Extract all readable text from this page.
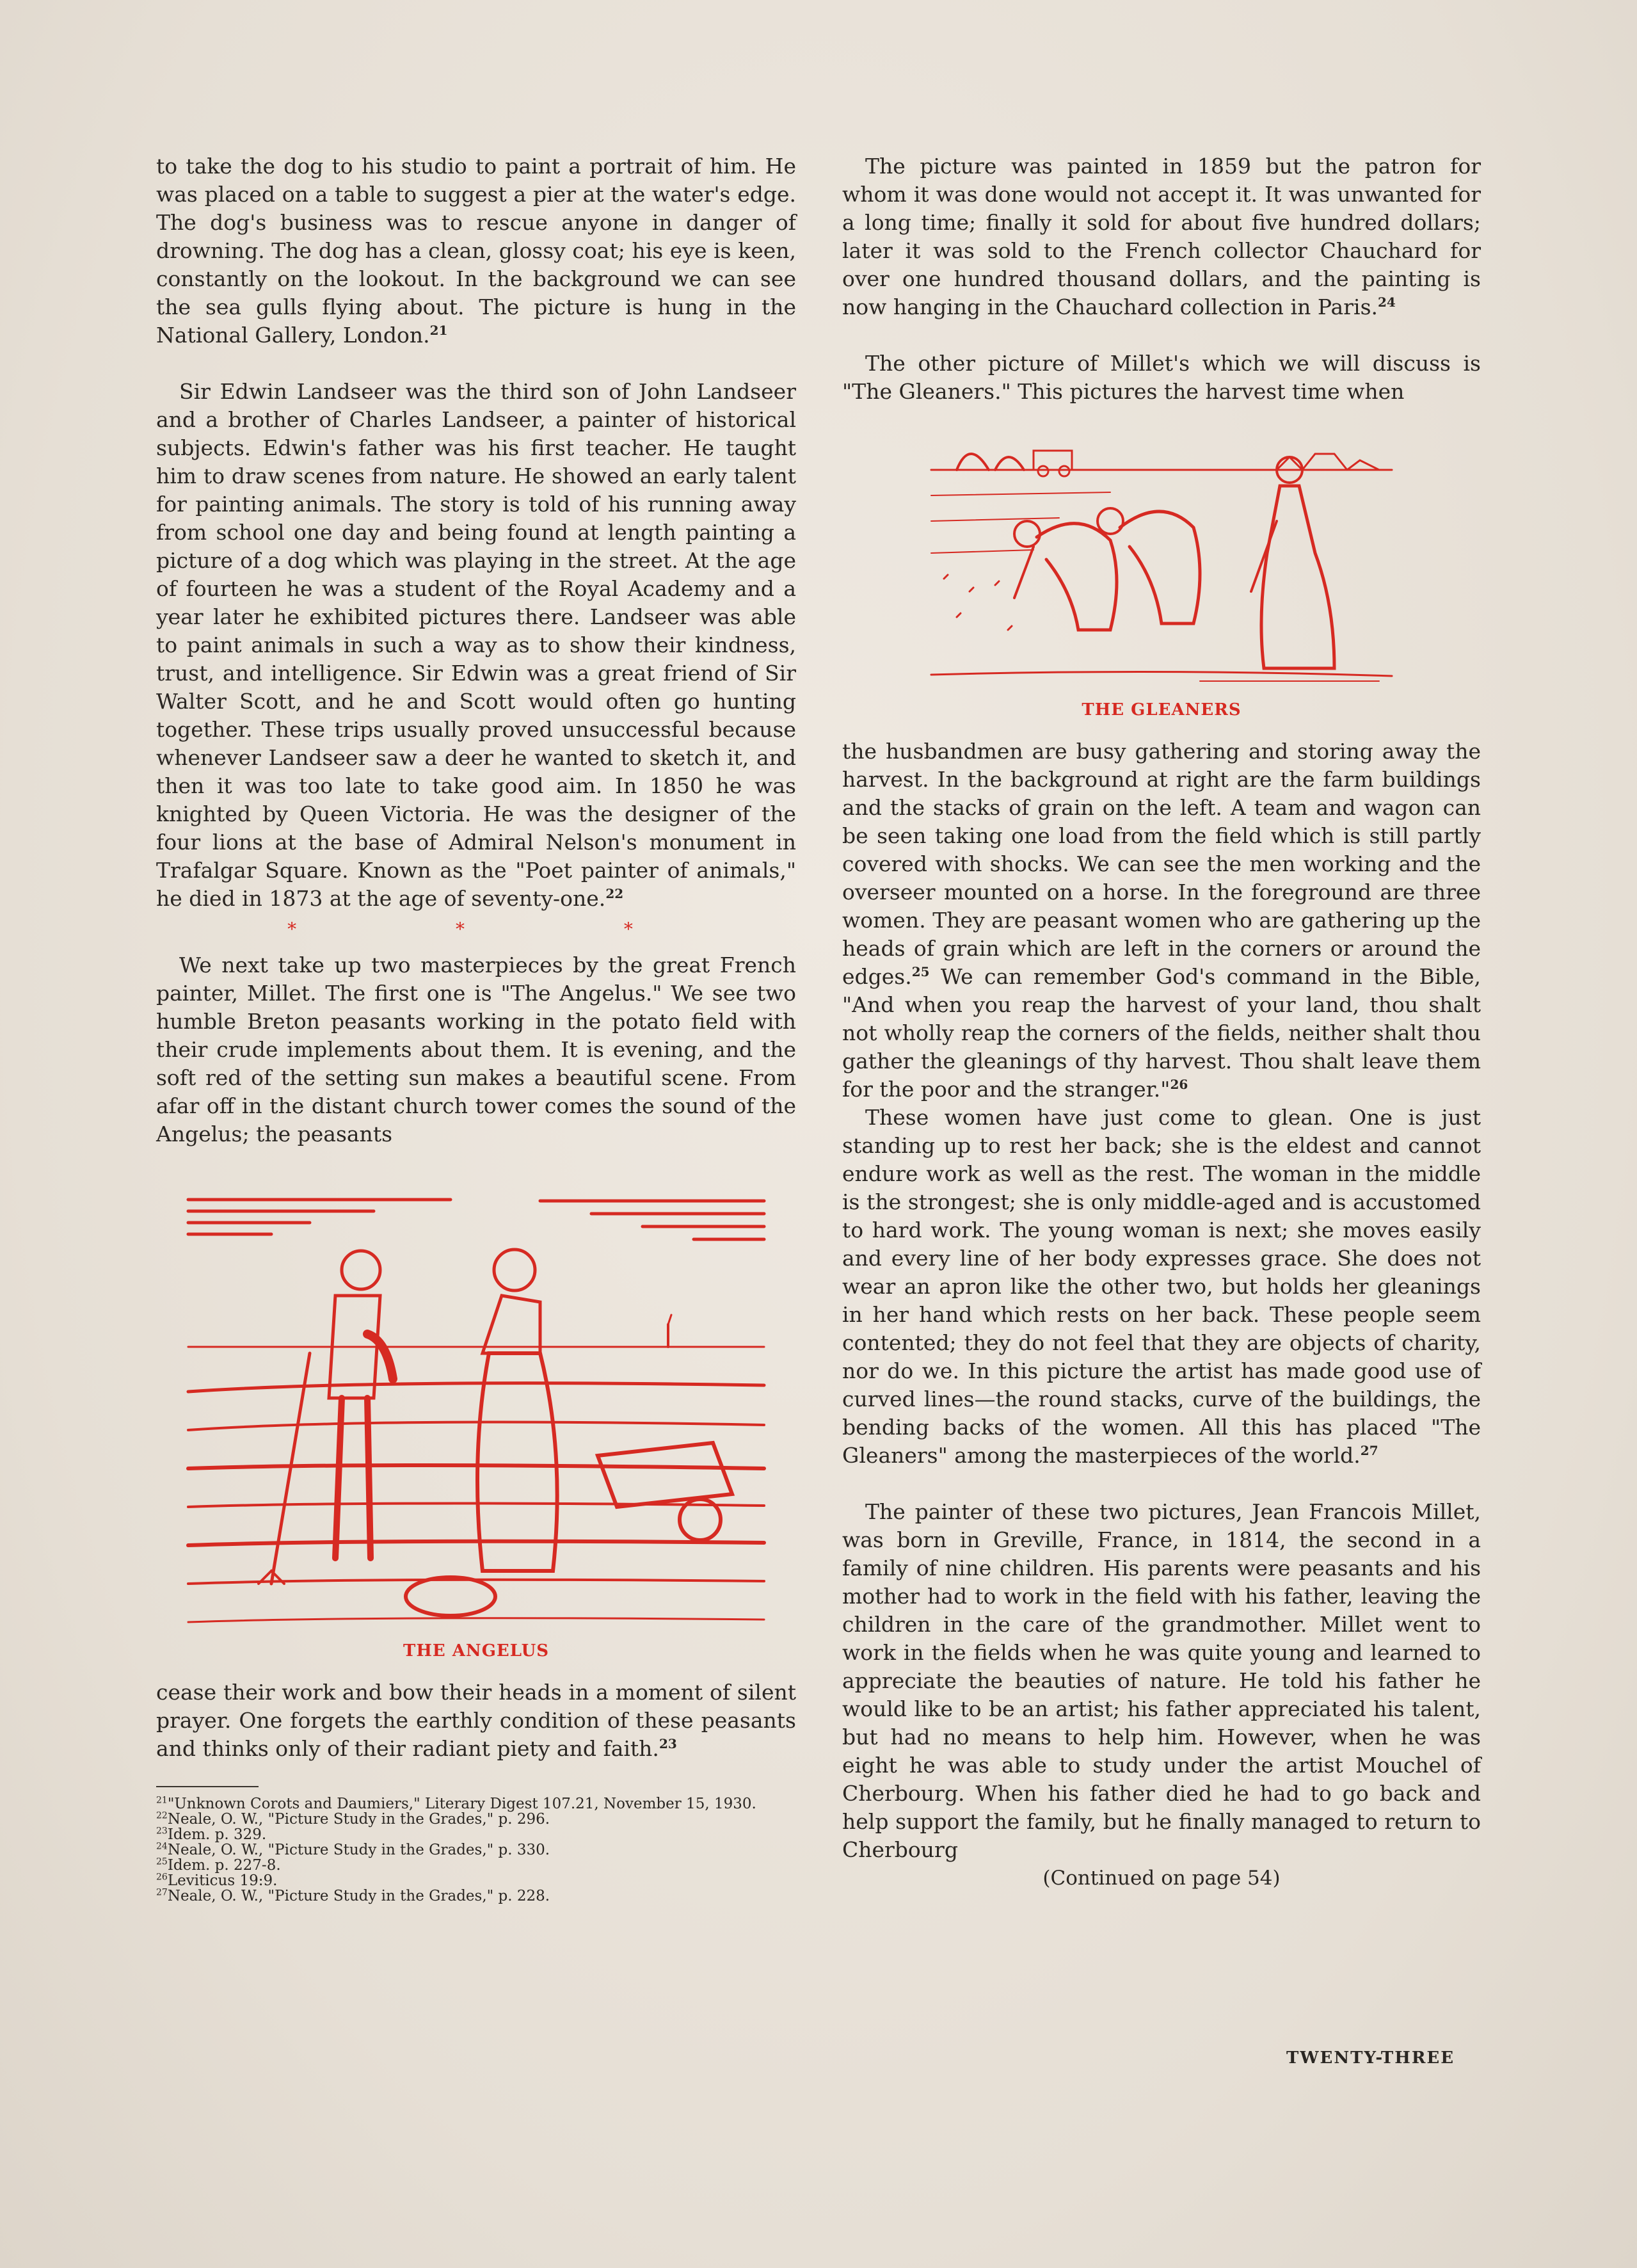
to take the dog to his studio to paint a portrait of him. He was placed on a table to suggest a pier at the water's edge. The dog's business was to rescue anyone in danger of drowning. The dog has a clean, glossy coat; his eye is keen, constantly on the lookout. In the background we can see the sea gulls flying about. The picture is hung in the National Gallery, London.$^{21}$

Sir Edwin Landseer was the third son of John Landseer and a brother of Charles Landseer, a painter of historical subjects. Edwin's father was his first teacher. He taught him to draw scenes from nature. He showed an early talent for painting animals. The story is told of his running away from school one day and being found at length painting a picture of a dog which was playing in the street. At the age of fourteen he was a student of the Royal Academy and a year later he exhibited pictures there. Landseer was able to paint animals in such a way as to show their kindness, trust, and intelligence. Sir Edwin was a great friend of Sir Walter Scott, and he and Scott would often go hunting together. These trips usually proved unsuccessful because whenever Landseer saw a deer he wanted to sketch it, and then it was too late to take good aim. In 1850 he was knighted by Queen Victoria. He was the designer of the four lions at the base of Admiral Nelson's monument in Trafalgar Square. Known as the "Poet painter of animals," he died in 1873 at the age of seventy-one.$^{22}$

* * *

We next take up two masterpieces by the great French painter, Millet. The first one is "The Angelus." We see two humble Breton peasants working in the potato field with their crude implements about them. It is evening, and the soft red of the setting sun makes a beautiful scene. From afar off in the distant church tower comes the sound of the Angelus; the peasants

THE ANGELUS

cease their work and bow their heads in a moment of silent prayer. One forgets the earthly condition of these peasants and thinks only of their radiant piety and faith.$^{23}$

$^{21}$"Unknown Corots and Daumiers," Literary Digest 107.21, November 15, 1930.
$^{22}$Neale, O. W., "Picture Study in the Grades," p. 296.
$^{23}$Idem. p. 329.
$^{24}$Neale, O. W., "Picture Study in the Grades," p. 330.
$^{25}$Idem. p. 227-8.
$^{26}$Leviticus 19:9.
$^{27}$Neale, O. W., "Picture Study in the Grades," p. 228.

The picture was painted in 1859 but the patron for whom it was done would not accept it. It was unwanted for a long time; finally it sold for about five hundred dollars; later it was sold to the French collector Chauchard for over one hundred thousand dollars, and the painting is now hanging in the Chauchard collection in Paris.$^{24}$

The other picture of Millet's which we will discuss is "The Gleaners." This pictures the harvest time when

THE GLEANERS

the husbandmen are busy gathering and storing away the harvest. In the background at right are the farm buildings and the stacks of grain on the left. A team and wagon can be seen taking one load from the field which is still partly covered with shocks. We can see the men working and the overseer mounted on a horse. In the foreground are three women. They are peasant women who are gathering up the heads of grain which are left in the corners or around the edges.$^{25}$ We can remember God's command in the Bible, "And when you reap the harvest of your land, thou shalt not wholly reap the corners of the fields, neither shalt thou gather the gleanings of thy harvest. Thou shalt leave them for the poor and the stranger."$^{26}$

These women have just come to glean. One is just standing up to rest her back; she is the eldest and cannot endure work as well as the rest. The woman in the middle is the strongest; she is only middle-aged and is accustomed to hard work. The young woman is next; she moves easily and every line of her body expresses grace. She does not wear an apron like the other two, but holds her gleanings in her hand which rests on her back. These people seem contented; they do not feel that they are objects of charity, nor do we. In this picture the artist has made good use of curved lines—the round stacks, curve of the buildings, the bending backs of the women. All this has placed "The Gleaners" among the masterpieces of the world.$^{27}$

The painter of these two pictures, Jean Francois Millet, was born in Greville, France, in 1814, the second in a family of nine children. His parents were peasants and his mother had to work in the field with his father, leaving the children in the care of the grandmother. Millet went to work in the fields when he was quite young and learned to appreciate the beauties of nature. He told his father he would like to be an artist; his father appreciated his talent, but had no means to help him. However, when he was eight he was able to study under the artist Mouchel of Cherbourg. When his father died he had to go back and help support the family, but he finally managed to return to Cherbourg

(Continued on page 54)
TWENTY-THREE
